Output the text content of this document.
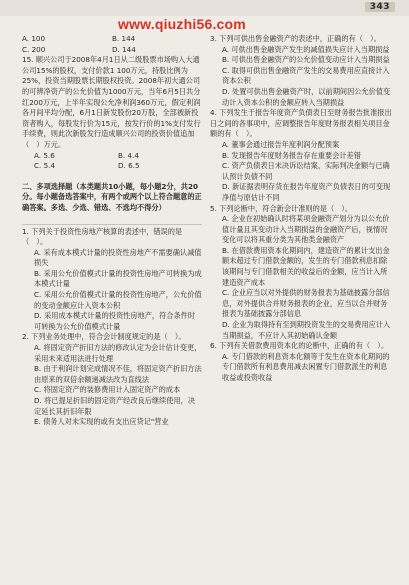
343
www.qiuzhi56.com
A. 100	B. 144
C. 200	D. 144

15. 顺兴公司于2008年4月1日从二级股票市场购入大通公司15%的股权，支付价款1 100万元，持股比例为25%，投资当期股票长期股权投资。2008年初大通公司的可辨净资产的公允价值为1000万元，当年6月5日共分红200万元，上半年实现公允净利润360万元，假定利润各月间平均分配，6月1日新发股份20万股，全部被新投资者购入，每股发行价为15元，按发行价的1%支付发行手续费，则此次新股发行造成顺兴公司的投资价值追加（　）万元。

A. 5.6	B. 4.4
C. 5.4	D. 6.5

二、多项选择题（本类题共10小题，每小题2分，共20分。每小题备选答案中，有两个或两个以上符合题意的正确答案。多选、少选、错选、不选均不得分）

1. 下列关于投资性房地产核算的表述中，错误的是（　）。

A. 采有成本模式计量的投资性房地产不需要确认减值损失

B. 采用公允价值模式计量的投资性房地产可转换为成本模式计量

C. 采用公允价值模式计量的投资性房地产，公允价值的变动金额应计入资本公积

D. 采用成本模式计量的投资性房地产，符合条件时可转换为公允价值模式计量

2. 下列业务处理中，符合会计制度规定的是（　）。

A. 将固定资产折旧方法的修改认定为会计估计变更，采用未来适用法进行处理

B. 由于利润计划完成情况不佳，将固定资产折旧方法由原来的双倍余额递减法改为直线法

C. 将固定资产的装修费用计入固定资产的成本

D. 将已提足折旧的固定资产经改良后继续使用，决定延长其折旧年限

E. 债务人对未实现的或有支出应贷记"营业

3. 下列可供出售金融资产的表述中，正确的有（　）。

A. 可供出售金融资产发生的减值损失应计入当期损益

B. 可供出售金融资产的公允价值变动应计入当期损益

C. 取得可供出售金融资产发生的交易费用应直接计入资本公积

D. 处置可供出售金融资产时，以前期间因公允价值变动计入资本公积的金额应转入当期损益

4. 下列发生于报告年度资产负债表日至财务报告批准报出日之间的各事项中，应调整报告年度财务报表相关项目金额的有（　）。

A. 董事会通过报告年度利润分配预案

B. 发现报告年度财务报告存在重要会计差错

C. 资产负债表日未决诉讼结案，实际判决金额与已确认预计负债不同

D. 新证据表明存货在报告年度资产负债表日的可变现净值与原估计不同

5. 下列论断中，符合新会计准则的是（　）。

A. 企业在初始确认时将某项金融资产划分为以公允价值计量且其变动计入当期损益的金融资产后，视情况变化可以将其重分类为其他类金融资产

B. 在借款费用资本化期间内，建造资产的累计支出金额未超过专门借款金额的，发生的专门借款利息扣除该期间与专门借款相关的收益后的金额，应当计入所建造资产成本

C. 企业应当以对外提供的财务报表为基础披露分部信息，对外提供合并财务报表的企业，应当以合并财务报表为基础披露分部信息

D. 企业为取得持有至到期投资发生的交易费用应计入当期损益，不应计入其初始确认金额

6. 下列有关借款费用资本化的论断中，正确的有（　）。

A. 专门借款的利息资本化额等于发生在资本化期间的专门借款所有利息费用减去闲置专门借款派生的利息收益或投资收益
